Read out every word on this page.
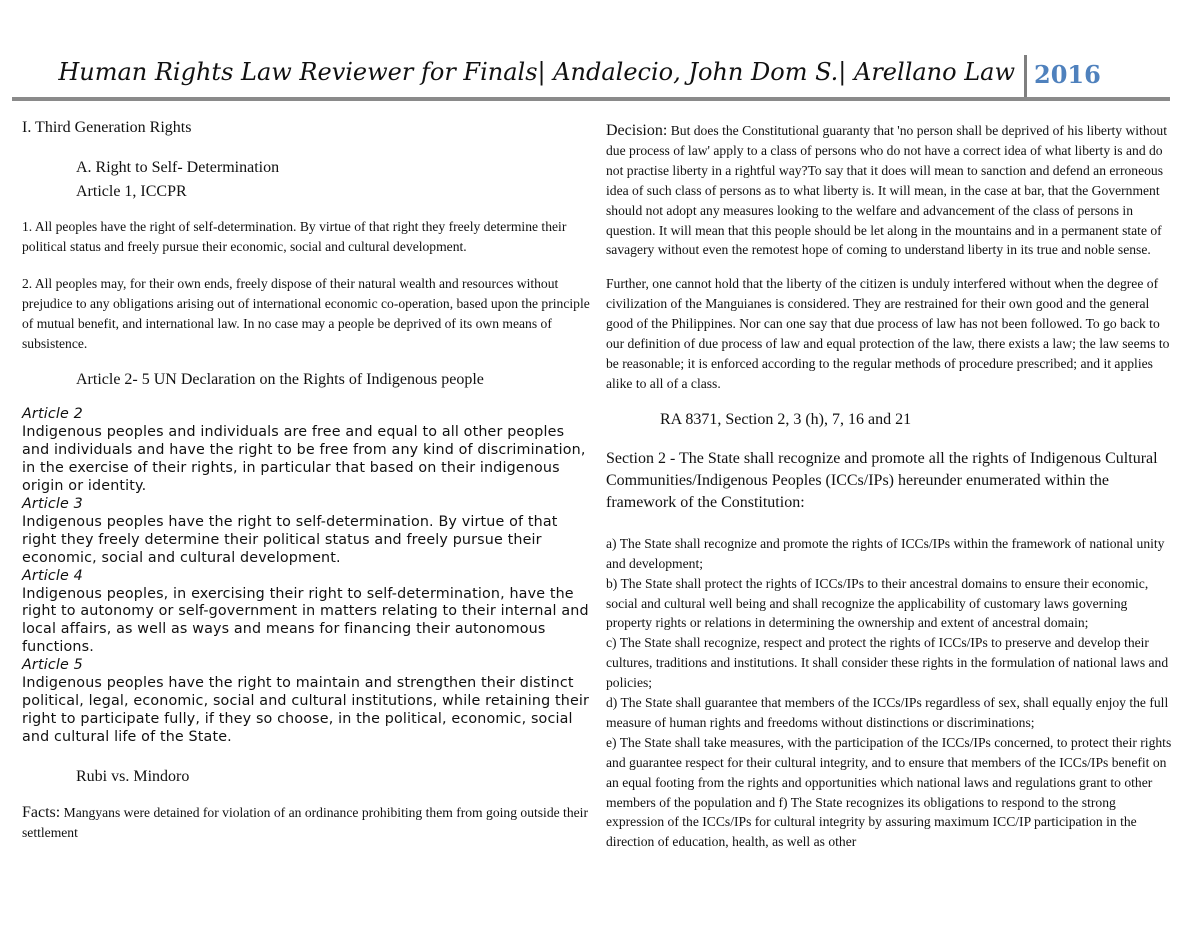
Human Rights Law Reviewer for Finals| Andalecio, John Dom S.| Arellano Law 2016

I. Third Generation Rights

A. Right to Self- Determination

Article 1, ICCPR

1. All peoples have the right of self-determination. By virtue of that right they freely determine their political status and freely pursue their economic, social and cultural development.

2. All peoples may, for their own ends, freely dispose of their natural wealth and resources without prejudice to any obligations arising out of international economic co-operation, based upon the principle of mutual benefit, and international law. In no case may a people be deprived of its own means of subsistence.

Article 2- 5 UN Declaration on the Rights of Indigenous people

Article 2
Indigenous peoples and individuals are free and equal to all other peoples and individuals and have the right to be free from any kind of discrimination, in the exercise of their rights, in particular that based on their indigenous origin or identity.
Article 3
Indigenous peoples have the right to self-determination. By virtue of that right they freely determine their political status and freely pursue their economic, social and cultural development.
Article 4
Indigenous peoples, in exercising their right to self-determination, have the right to autonomy or self-government in matters relating to their internal and local affairs, as well as ways and means for financing their autonomous functions.
Article 5
Indigenous peoples have the right to maintain and strengthen their distinct political, legal, economic, social and cultural institutions, while retaining their right to participate fully, if they so choose, in the political, economic, social and cultural life of the State.

Rubi vs. Mindoro

Facts: Mangyans were detained for violation of an ordinance prohibiting them from going outside their settlement

Decision: But does the Constitutional guaranty that 'no person shall be deprived of his liberty without due process of law' apply to a class of persons who do not have a correct idea of what liberty is and do not practise liberty in a rightful way?To say that it does will mean to sanction and defend an erroneous idea of such class of persons as to what liberty is. It will mean, in the case at bar, that the Government should not adopt any measures looking to the welfare and advancement of the class of persons in question. It will mean that this people should be let along in the mountains and in a permanent state of savagery without even the remotest hope of coming to understand liberty in its true and noble sense.

Further, one cannot hold that the liberty of the citizen is unduly interfered without when the degree of civilization of the Manguianes is considered. They are restrained for their own good and the general good of the Philippines. Nor can one say that due process of law has not been followed. To go back to our definition of due process of law and equal protection of the law, there exists a law; the law seems to be reasonable; it is enforced according to the regular methods of procedure prescribed; and it applies alike to all of a class.

RA 8371, Section 2, 3 (h), 7, 16 and 21

Section 2 - The State shall recognize and promote all the rights of Indigenous Cultural Communities/Indigenous Peoples (ICCs/IPs) hereunder enumerated within the framework of the Constitution:

a) The State shall recognize and promote the rights of ICCs/IPs within the framework of national unity and development;
b) The State shall protect the rights of ICCs/IPs to their ancestral domains to ensure their economic, social and cultural well being and shall recognize the applicability of customary laws governing property rights or relations in determining the ownership and extent of ancestral domain;
c) The State shall recognize, respect and protect the rights of ICCs/IPs to preserve and develop their cultures, traditions and institutions. It shall consider these rights in the formulation of national laws and policies;
d) The State shall guarantee that members of the ICCs/IPs regardless of sex, shall equally enjoy the full measure of human rights and freedoms without distinctions or discriminations;
e) The State shall take measures, with the participation of the ICCs/IPs concerned, to protect their rights and guarantee respect for their cultural integrity, and to ensure that members of the ICCs/IPs benefit on an equal footing from the rights and opportunities which national laws and regulations grant to other members of the population and f) The State recognizes its obligations to respond to the strong expression of the ICCs/IPs for cultural integrity by assuring maximum ICC/IP participation in the direction of education, health, as well as other
